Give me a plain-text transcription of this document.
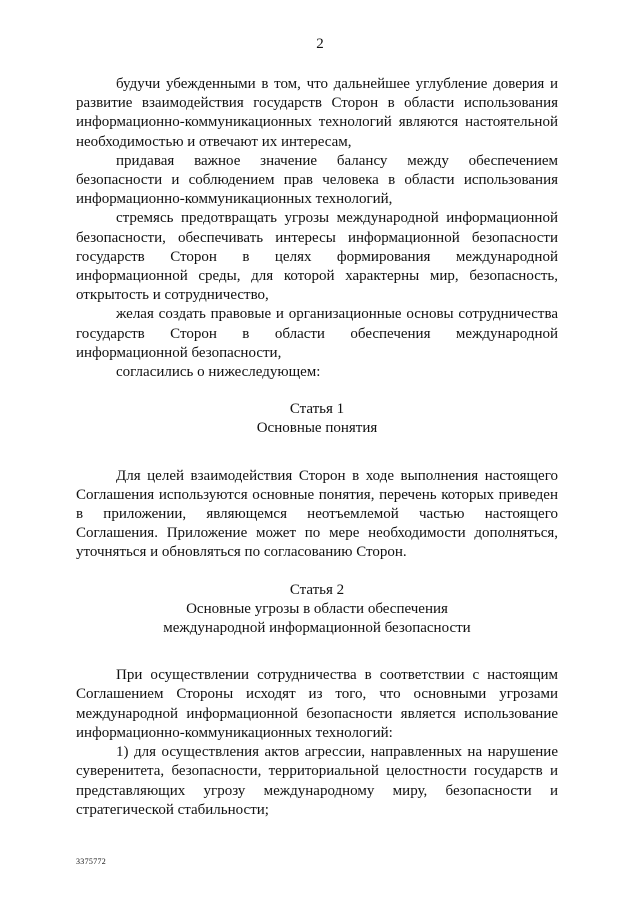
2

будучи убежденными в том, что дальнейшее углубление доверия и развитие взаимодействия государств Сторон в области использования информационно-коммуникационных технологий являются настоятельной необходимостью и отвечают их интересам,

придавая важное значение балансу между обеспечением безопасности и соблюдением прав человека в области использования информационно-коммуникационных технологий,

стремясь предотвращать угрозы международной информационной безопасности, обеспечивать интересы информационной безопасности государств Сторон в целях формирования международной информационной среды, для которой характерны мир, безопасность, открытость и сотрудничество,

желая создать правовые и организационные основы сотрудничества государств Сторон в области обеспечения международной информационной безопасности,

согласились о нижеследующем:

Статья 1

Основные понятия

Для целей взаимодействия Сторон в ходе выполнения настоящего Соглашения используются основные понятия, перечень которых приведен в приложении, являющемся неотъемлемой частью настоящего Соглашения. Приложение может по мере необходимости дополняться, уточняться и обновляться по согласованию Сторон.

Статья 2

Основные угрозы в области обеспечения

международной информационной безопасности

При осуществлении сотрудничества в соответствии с настоящим Соглашением Стороны исходят из того, что основными угрозами международной информационной безопасности является использование информационно-коммуникационных технологий:

1) для осуществления актов агрессии, направленных на нарушение суверенитета, безопасности, территориальной целостности государств и представляющих угрозу международному миру, безопасности и стратегической стабильности;

3375772
